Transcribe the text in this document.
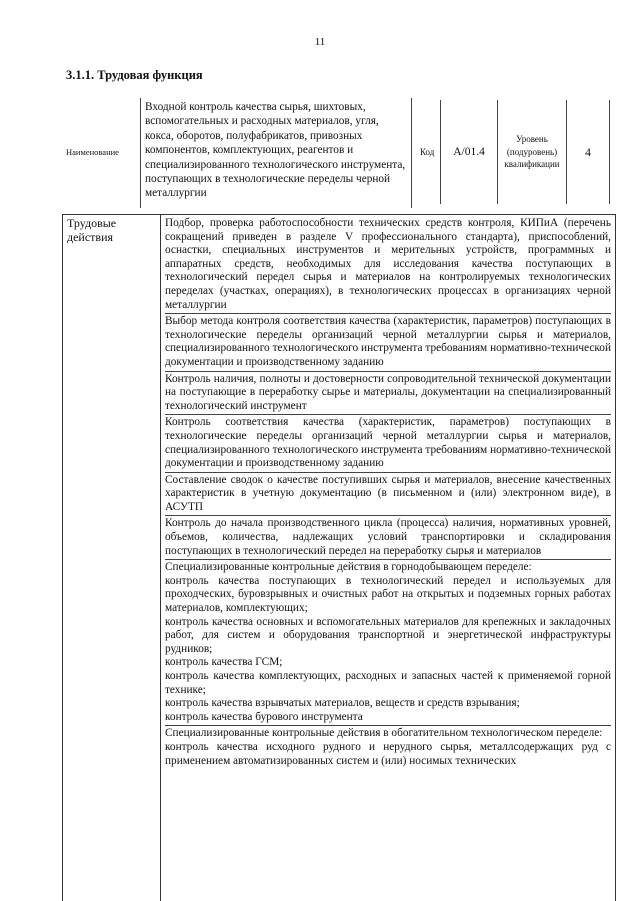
11
3.1.1. Трудовая функция
Наименование
Входной контроль качества сырья, шихтовых, вспомогательных и расходных материалов, угля, кокса, оборотов, полуфабрикатов, привозных компонентов, комплектующих, реагентов и специализированного технологического инструмента, поступающих в технологические переделы черной металлургии
Код	А/01.4
Уровень (подуровень) квалификации
4
Трудовые действия
Подбор, проверка работоспособности технических средств контроля, КИПиА (перечень сокращений приведен в разделе V профессионального стандарта), приспособлений, оснастки, специальных инструментов и мерительных устройств, программных и аппаратных средств, необходимых для исследования качества поступающих в технологический передел сырья и материалов на контролируемых технологических переделах (участках, операциях), в технологических процессах в организациях черной металлургии
Выбор метода контроля соответствия качества (характеристик, параметров) поступающих в технологические переделы организаций черной металлургии сырья и материалов, специализированного технологического инструмента требованиям нормативно-технической документации и производственному заданию
Контроль наличия, полноты и достоверности сопроводительной технической документации на поступающие в переработку сырье и материалы, документации на специализированный технологический инструмент
Контроль соответствия качества (характеристик, параметров) поступающих в технологические переделы организаций черной металлургии сырья и материалов, специализированного технологического инструмента требованиям нормативно-технической документации и производственному заданию
Составление сводок о качестве поступивших сырья и материалов, внесение качественных характеристик в учетную документацию (в письменном и (или) электронном виде), в АСУТП
Контроль до начала производственного цикла (процесса) наличия, нормативных уровней, объемов, количества, надлежащих условий транспортировки и складирования поступающих в технологический передел на переработку сырья и материалов
Специализированные контрольные действия в горнодобывающем переделе:
контроль качества поступающих в технологический передел и используемых для проходческих, буровзрывных и очистных работ на открытых и подземных горных работах материалов, комплектующих;
контроль качества основных и вспомогательных материалов для крепежных и закладочных работ, для систем и оборудования транспортной и энергетической инфраструктуры рудников;
контроль качества ГСМ;
контроль качества комплектующих, расходных и запасных частей к применяемой горной технике;
контроль качества взрывчатых материалов, веществ и средств взрывания;
контроль качества бурового инструмента
Специализированные контрольные действия в обогатительном технологическом переделе:
контроль качества исходного рудного и нерудного сырья, металлсодержащих руд с применением автоматизированных систем и (или) носимых технических
